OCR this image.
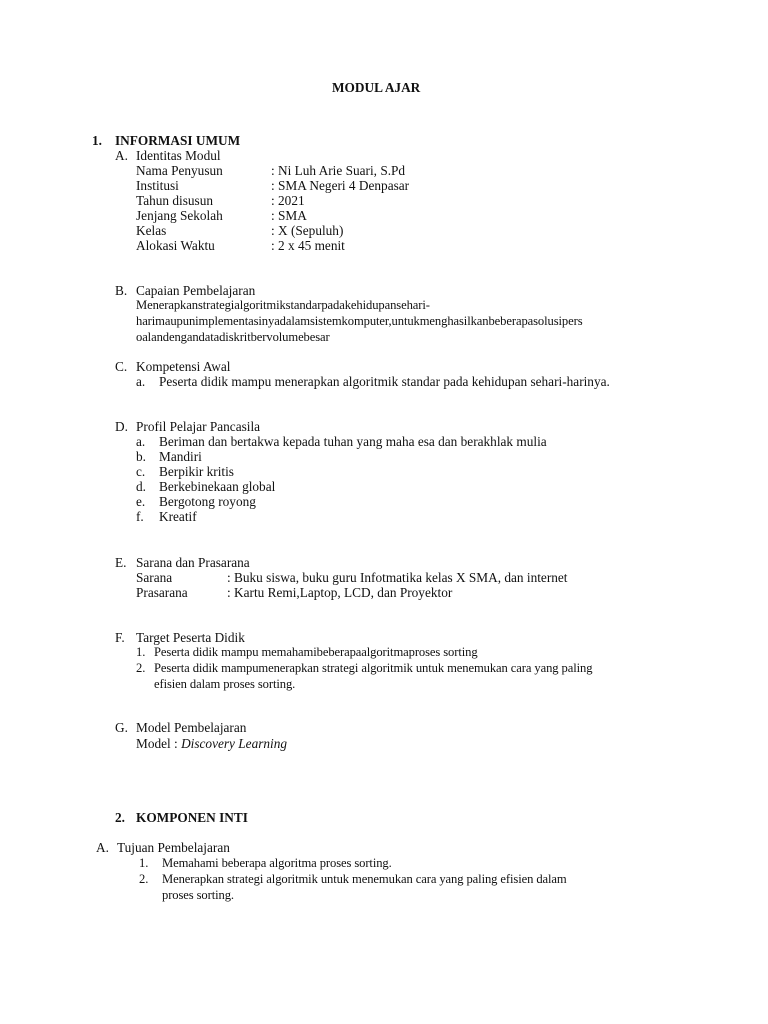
MODUL AJAR
1. INFORMASI UMUM
A. Identitas Modul
Nama Penyusun	: Ni Luh Arie Suari, S.Pd
Institusi	: SMA Negeri 4 Denpasar
Tahun disusun	: 2021
Jenjang Sekolah	: SMA
Kelas	: X (Sepuluh)
Alokasi Waktu	: 2 x 45 menit
B. Capaian Pembelajaran
Menerapkanstrategialgoritmikstandarpadakehidupansehari-
harimaupunimplementasinyadalamsistemkomputer,untukmenghasilkanbeberapasolusipers
oalandengandatadiskritbervolumebesar
C. Kompetensi Awal
a. Peserta didik mampu menerapkan algoritmik standar pada kehidupan sehari-harinya.
D. Profil Pelajar Pancasila
a. Beriman dan bertakwa kepada tuhan yang maha esa dan berakhlak mulia
b. Mandiri
c. Berpikir kritis
d. Berkebinekaan global
e. Bergotong royong
f. Kreatif
E. Sarana dan Prasarana
Sarana	: Buku siswa, buku guru Infotmatika kelas X SMA, dan internet
Prasarana	: Kartu Remi,Laptop, LCD, dan Proyektor
F. Target Peserta Didik
1. Peserta didik mampu memahamibeberapaalgoritmaproses sorting
2. Peserta didik mampumenerapkan strategi algoritmik untuk menemukan cara yang paling
efisien dalam proses sorting.
G. Model Pembelajaran
Model : Discovery Learning
2. KOMPONEN INTI
A. Tujuan Pembelajaran
1. Memahami beberapa algoritma proses sorting.
2. Menerapkan strategi algoritmik untuk menemukan cara yang paling efisien dalam
proses sorting.
